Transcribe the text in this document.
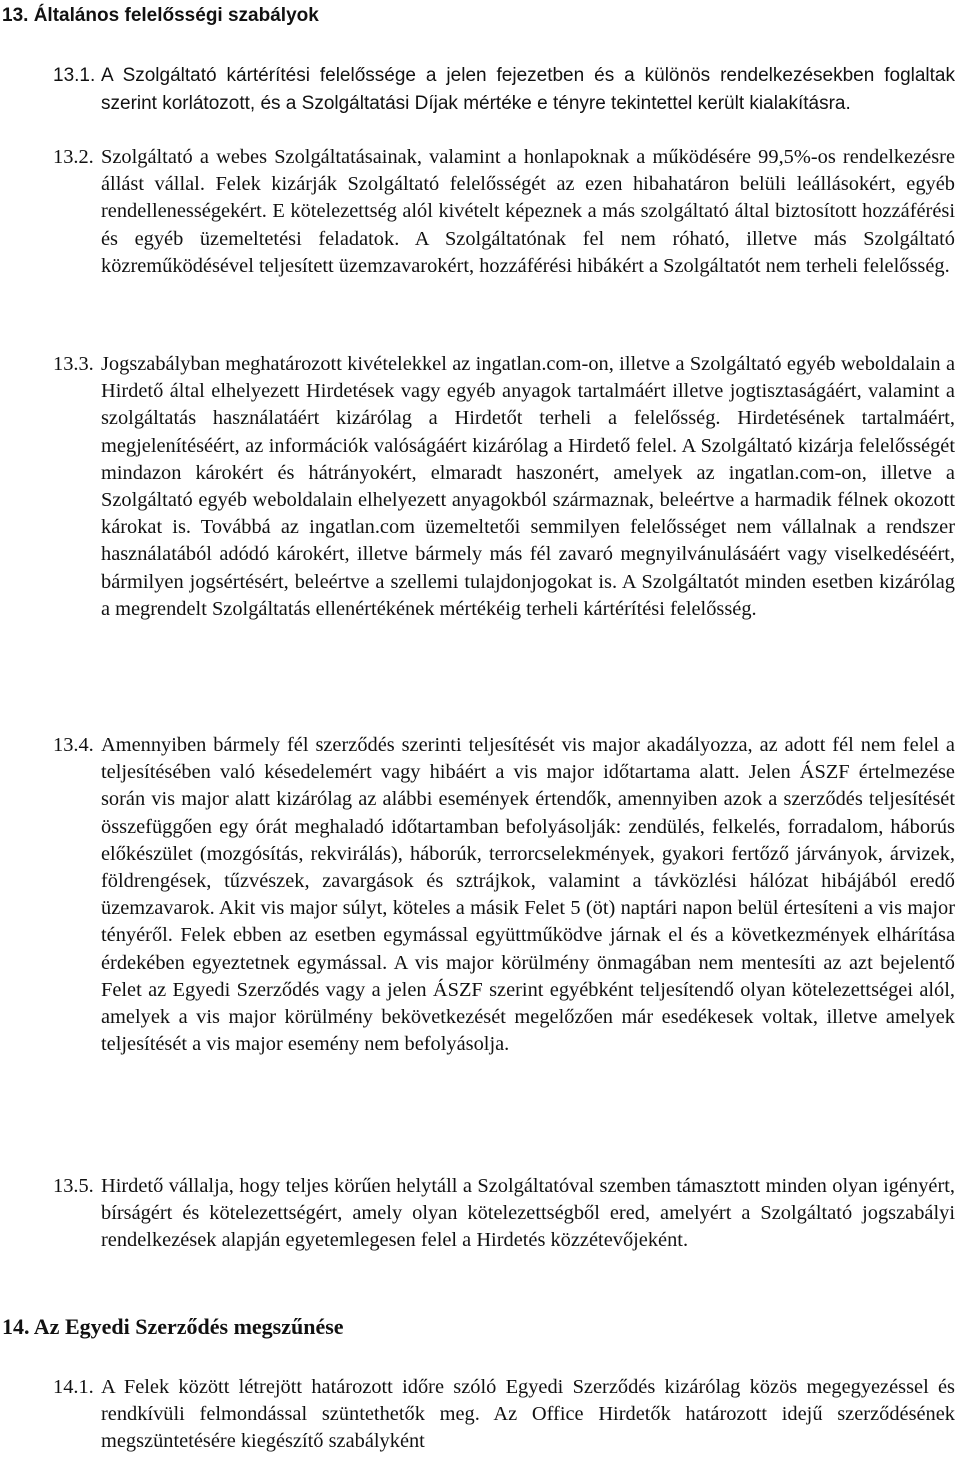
13. Általános felelősségi szabályok
13.1. A Szolgáltató kártérítési felelőssége a jelen fejezetben és a különös rendelkezésekben foglaltak szerint korlátozott, és a Szolgáltatási Díjak mértéke e tényre tekintettel került kialakításra.

13.2. Szolgáltató a webes Szolgáltatásainak, valamint a honlapoknak a működésére 99,5%-os rendelkezésre állást vállal. Felek kizárják Szolgáltató felelősségét az ezen hibahatáron belüli leállásokért, egyéb rendellenességekért. E kötelezettség alól kivételt képeznek a más szolgáltató által biztosított hozzáférési és egyéb üzemeltetési feladatok. A Szolgáltatónak fel nem róható, illetve más Szolgáltató közreműködésével teljesített üzemzavarokért, hozzáférési hibákért a Szolgáltatót nem terheli felelősség.

13.3. Jogszabályban meghatározott kivételekkel az ingatlan.com-on, illetve a Szolgáltató egyéb weboldalain a Hirdető által elhelyezett Hirdetések vagy egyéb anyagok tartalmáért illetve jogtisztaságáért, valamint a szolgáltatás használatáért kizárólag a Hirdetőt terheli a felelősség. Hirdetésének tartalmáért, megjelenítéséért, az információk valóságáért kizárólag a Hirdető felel. A Szolgáltató kizárja felelősségét mindazon károkért és hátrányokért, elmaradt haszonért, amelyek az ingatlan.com-on, illetve a Szolgáltató egyéb weboldalain elhelyezett anyagokból származnak, beleértve a harmadik félnek okozott károkat is. Továbbá az ingatlan.com üzemeltetői semmilyen felelősséget nem vállalnak a rendszer használatából adódó károkért, illetve bármely más fél zavaró megnyilvánulásáért vagy viselkedéséért, bármilyen jogsértésért, beleértve a szellemi tulajdonjogokat is. A Szolgáltatót minden esetben kizárólag a megrendelt Szolgáltatás ellenértékének mértékéig terheli kártérítési felelősség.

13.4. Amennyiben bármely fél szerződés szerinti teljesítését vis major akadályozza, az adott fél nem felel a teljesítésében való késedelemért vagy hibáért a vis major időtartama alatt. Jelen ÁSZF értelmezése során vis major alatt kizárólag az alábbi események értendők, amennyiben azok a szerződés teljesítését összefüggően egy órát meghaladó időtartamban befolyásolják: zendülés, felkelés, forradalom, háborús előkészület (mozgósítás, rekvirálás), háborúk, terrorcselekmények, gyakori fertőző járványok, árvizek, földrengések, tűzvészek, zavargások és sztrájkok, valamint a távközlési hálózat hibájából eredő üzemzavarok. Akit vis major súlyt, köteles a másik Felet 5 (öt) naptári napon belül értesíteni a vis major tényéről. Felek ebben az esetben egymással együttműködve járnak el és a következmények elhárítása érdekében egyeztetnek egymással. A vis major körülmény önmagában nem mentesíti az azt bejelentő Felet az Egyedi Szerződés vagy a jelen ÁSZF szerint egyébként teljesítendő olyan kötelezettségei alól, amelyek a vis major körülmény bekövetkezését megelőzően már esedékesek voltak, illetve amelyek teljesítését a vis major esemény nem befolyásolja.

13.5. Hirdető vállalja, hogy teljes körűen helytáll a Szolgáltatóval szemben támasztott minden olyan igényért, bírságért és kötelezettségért, amely olyan kötelezettségből ered, amelyért a Szolgáltató jogszabályi rendelkezések alapján egyetemlegesen felel a Hirdetés közzétevőjeként.

14. Az Egyedi Szerződés megszűnése
14.1. A Felek között létrejött határozott időre szóló Egyedi Szerződés kizárólag közös megegyezéssel és rendkívüli felmondással szüntethetők meg. Az Office Hirdetők határozott idejű szerződésének megszüntetésére kiegészítő szabályként
